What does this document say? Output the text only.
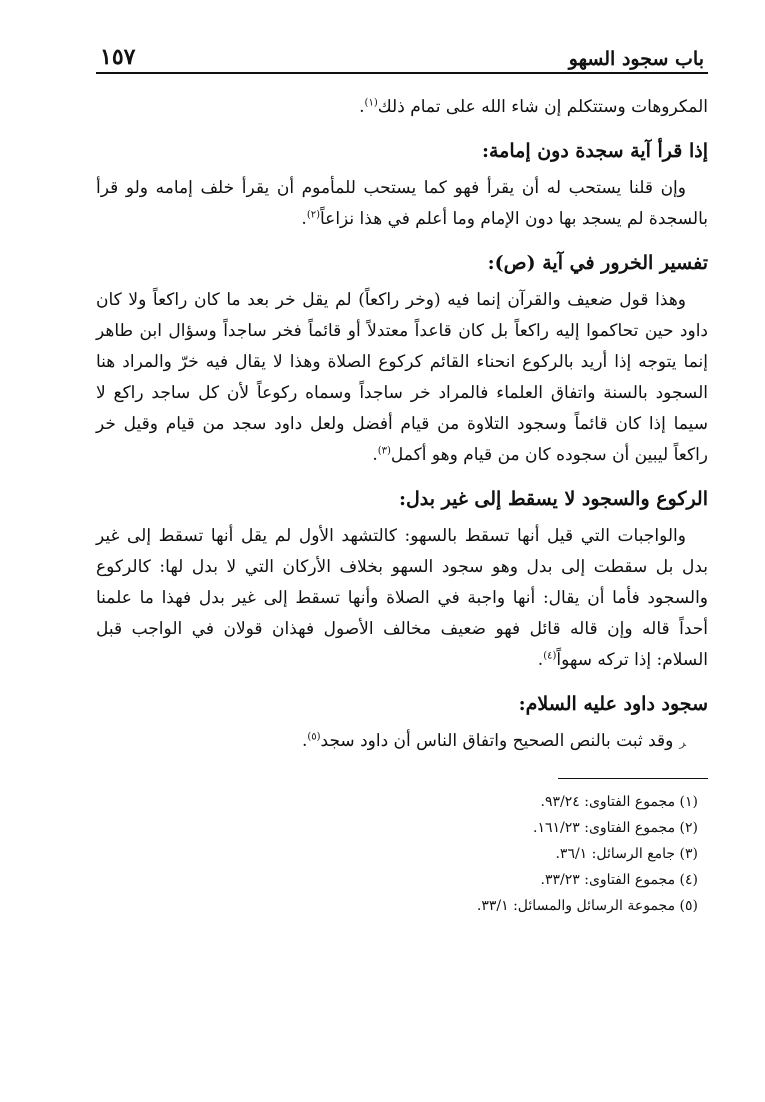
باب سجود السهو
١٥٧

المكروهات وستتكلم إن شاء الله على تمام ذلك$^{(١)}$.

إذا قرأ آية سجدة دون إمامة:

وإن قلنا يستحب له أن يقرأ فهو كما يستحب للمأموم أن يقرأ خلف إمامه ولو قرأ بالسجدة لم يسجد بها دون الإمام وما أعلم في هذا نزاعاً$^{(٢)}$.

تفسير الخرور في آية (ص):

وهذا قول ضعيف والقرآن إنما فيه (وخر راكعاً) لم يقل خر بعد ما كان راكعاً ولا كان داود حين تحاكموا إليه راكعاً بل كان قاعداً معتدلاً أو قائماً فخر ساجداً وسؤال ابن طاهر إنما يتوجه إذا أريد بالركوع انحناء القائم كركوع الصلاة وهذا لا يقال فيه خرّ والمراد هنا السجود بالسنة واتفاق العلماء فالمراد خر ساجداً وسماه ركوعاً لأن كل ساجد راكع لا سيما إذا كان قائماً وسجود التلاوة من قيام أفضل ولعل داود سجد من قيام وقيل خر راكعاً ليبين أن سجوده كان من قيام وهو أكمل$^{(٣)}$.

الركوع والسجود لا يسقط إلى غير بدل:

والواجبات التي قيل أنها تسقط بالسهو: كالتشهد الأول لم يقل أنها تسقط إلى غير بدل بل سقطت إلى بدل وهو سجود السهو بخلاف الأركان التي لا بدل لها: كالركوع والسجود فأما أن يقال: أنها واجبة في الصلاة وأنها تسقط إلى غير بدل فهذا ما علمنا أحداً قاله وإن قاله قائل فهو ضعيف مخالف الأصول فهذان قولان في الواجب قبل السلام: إذا تركه سهواً$^{(٤)}$.

سجود داود عليه السلام:

ﺮوقد ثبت بالنص الصحيح واتفاق الناس أن داود سجد$^{(٥)}$.

(١) مجموع الفتاوى: ٩٣/٢٤.
(٢) مجموع الفتاوى: ١٦١/٢٣.
(٣) جامع الرسائل: ٣٦/١.
(٤) مجموع الفتاوى: ٣٣/٢٣.
(٥) مجموعة الرسائل والمسائل: ٣٣/١.
